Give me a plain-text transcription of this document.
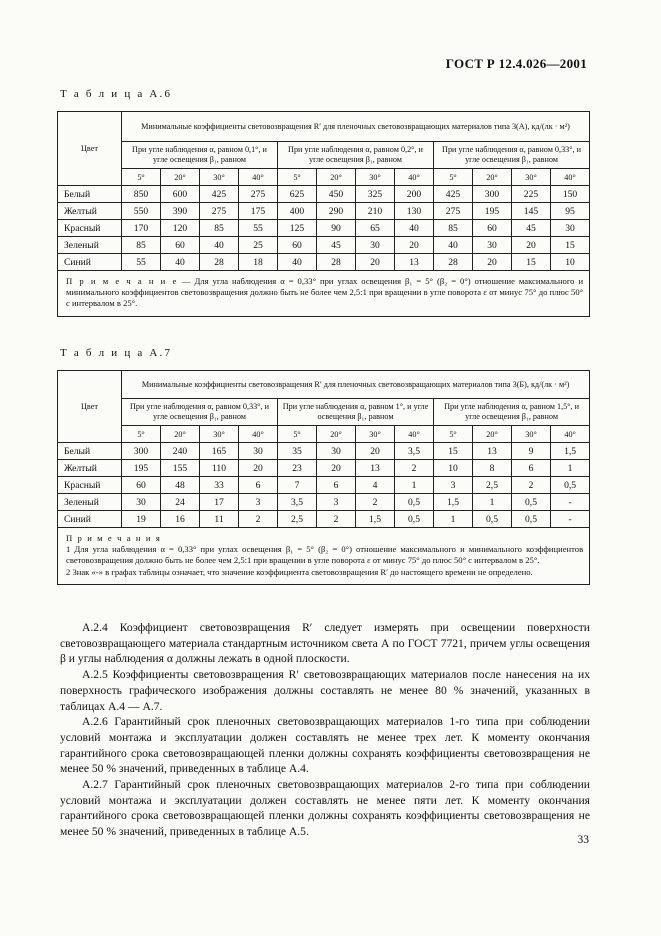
ГОСТ Р 12.4.026—2001
Т а б л и ц а А.6
Цвет	Минимальные коэффициенты световозвращения R′ для пленочных световозвращающих материалов типа 3(А), кд/(лк · м²)											
	При угле наблюдения α, равном 0,1°, и угле освещения β₁, равном				При угле наблюдения α, равном 0,2°, и угле освещения β₁, равном				При угле наблюдения α, равном 0,33°, и угле освещения β₁, равном			
	5°	20°	30°	40°	5°	20°	30°	40°	5°	20°	30°	40°
Белый	850	600	425	275	625	450	325	200	425	300	225	150
Желтый	550	390	275	175	400	290	210	130	275	195	145	95
Красный	170	120	85	55	125	90	65	40	85	60	45	30
Зеленый	85	60	40	25	60	45	30	20	40	30	20	15
Синий	55	40	28	18	40	28	20	13	28	20	15	10

П р и м е ч а н и е — Для угла наблюдения α = 0,33° при углах освещения β₁ = 5° (β₂ = 0°) отношение максимального и минимального коэффициентов световозвращения должно быть не более чем 2,5:1 при вращении в угле поворота ε от минус 75° до плюс 50° с интервалом в 25°.												

Т а б л и ц а А.7
Цвет	Минимальные коэффициенты световозвращения R′ для пленочных световозвращающих материалов типа 3(Б), кд/(лк · м²)											
	При угле наблюдения α, равном 0,33°, и угле освещения β₁, равном				При угле наблюдения α, равном 1°, и угле освещения β₁, равном				При угле наблюдения α, равном 1,5°, и угле освещения β₁, равном			
	5°	20°	30°	40°	5°	20°	30°	40°	5°	20°	30°	40°
Белый	300	240	165	30	35	30	20	3,5	15	13	9	1,5
Желтый	195	155	110	20	23	20	13	2	10	8	6	1
Красный	60	48	33	6	7	6	4	1	3	2,5	2	0,5
Зеленый	30	24	17	3	3,5	3	2	0,5	1,5	1	0,5	-
Синий	19	16	11	2	2,5	2	1,5	0,5	1	0,5	0,5	-

П р и м е ч а н и я

1 Для угла наблюдения α = 0,33° при углах освещения β₁ = 5° (β₂ = 0°) отношение максимального и минимального коэффициентов световозвращения должно быть не более чем 2,5:1 при вращении в угле поворота ε от минус 75° до плюс 50° с интервалом в 25°.

2 Знак «-» в графах таблицы означает, что значение коэффициента световозвращения R′ до настоящего времени не определено.												

А.2.4 Коэффициент световозвращения R′ следует измерять при освещении поверхности световозвращающего материала стандартным источником света А по ГОСТ 7721, причем углы освещения β и углы наблюдения α должны лежать в одной плоскости.

А.2.5 Коэффициенты световозвращения R′ световозвращающих материалов после нанесения на их поверхность графического изображения должны составлять не менее 80 % значений, указанных в таблицах А.4 — А.7.

А.2.6 Гарантийный срок пленочных световозвращающих материалов 1-го типа при соблюдении условий монтажа и эксплуатации должен составлять не менее трех лет. К моменту окончания гарантийного срока световозвращающей пленки должны сохранять коэффициенты световозвращения не менее 50 % значений, приведенных в таблице А.4.

А.2.7 Гарантийный срок пленочных световозвращающих материалов 2-го типа при соблюдении условий монтажа и эксплуатации должен составлять не менее пяти лет. К моменту окончания гарантийного срока световозвращающей пленки должны сохранять коэффициенты световозвращения не менее 50 % значений, приведенных в таблице А.5.

33
